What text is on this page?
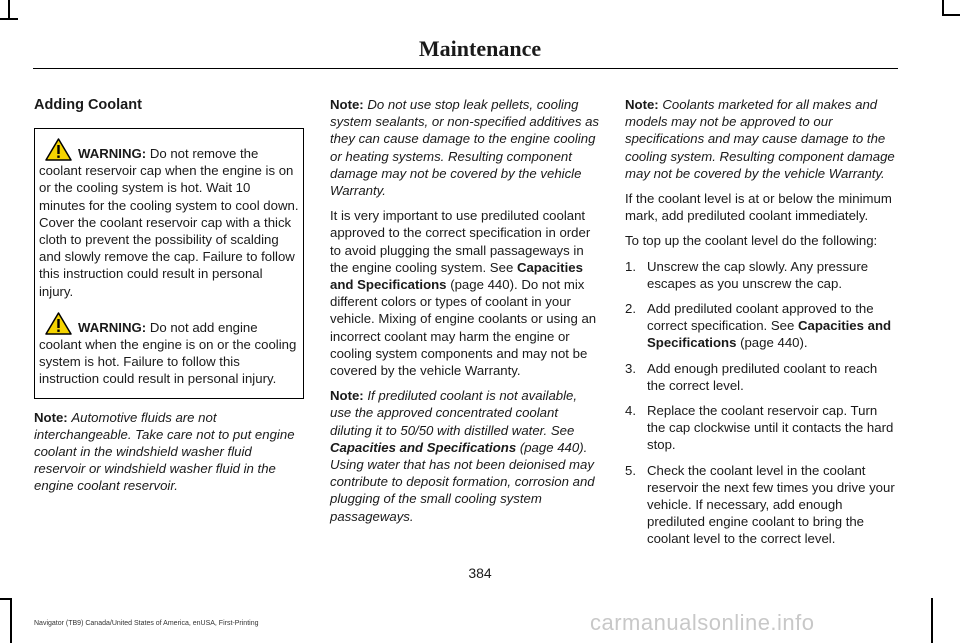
Maintenance
Adding Coolant

WARNING: Do not remove the coolant reservoir cap when the engine is on or the cooling system is hot. Wait 10 minutes for the cooling system to cool down. Cover the coolant reservoir cap with a thick cloth to prevent the possibility of scalding and slowly remove the cap. Failure to follow this instruction could result in personal injury.

WARNING: Do not add engine coolant when the engine is on or the cooling system is hot. Failure to follow this instruction could result in personal injury.

Note: Automotive fluids are not interchangeable. Take care not to put engine coolant in the windshield washer fluid reservoir or windshield washer fluid in the engine coolant reservoir.

Note: Do not use stop leak pellets, cooling system sealants, or non-specified additives as they can cause damage to the engine cooling or heating systems. Resulting component damage may not be covered by the vehicle Warranty.

It is very important to use prediluted coolant approved to the correct specification in order to avoid plugging the small passageways in the engine cooling system. See Capacities and Specifications (page 440). Do not mix different colors or types of coolant in your vehicle. Mixing of engine coolants or using an incorrect coolant may harm the engine or cooling system components and may not be covered by the vehicle Warranty.

Note: If prediluted coolant is not available, use the approved concentrated coolant diluting it to 50/50 with distilled water. See Capacities and Specifications (page 440). Using water that has not been deionised may contribute to deposit formation, corrosion and plugging of the small cooling system passageways.

Note: Coolants marketed for all makes and models may not be approved to our specifications and may cause damage to the cooling system. Resulting component damage may not be covered by the vehicle Warranty.

If the coolant level is at or below the minimum mark, add prediluted coolant immediately.

To top up the coolant level do the following:

1. Unscrew the cap slowly. Any pressure escapes as you unscrew the cap.
2. Add prediluted coolant approved to the correct specification. See Capacities and Specifications (page 440).
3. Add enough prediluted coolant to reach the correct level.
4. Replace the coolant reservoir cap. Turn the cap clockwise until it contacts the hard stop.
5. Check the coolant level in the coolant reservoir the next few times you drive your vehicle. If necessary, add enough prediluted engine coolant to bring the coolant level to the correct level.
384
Navigator (TB9) Canada/United States of America, enUSA, First-Printing	carmanualsonline.info
